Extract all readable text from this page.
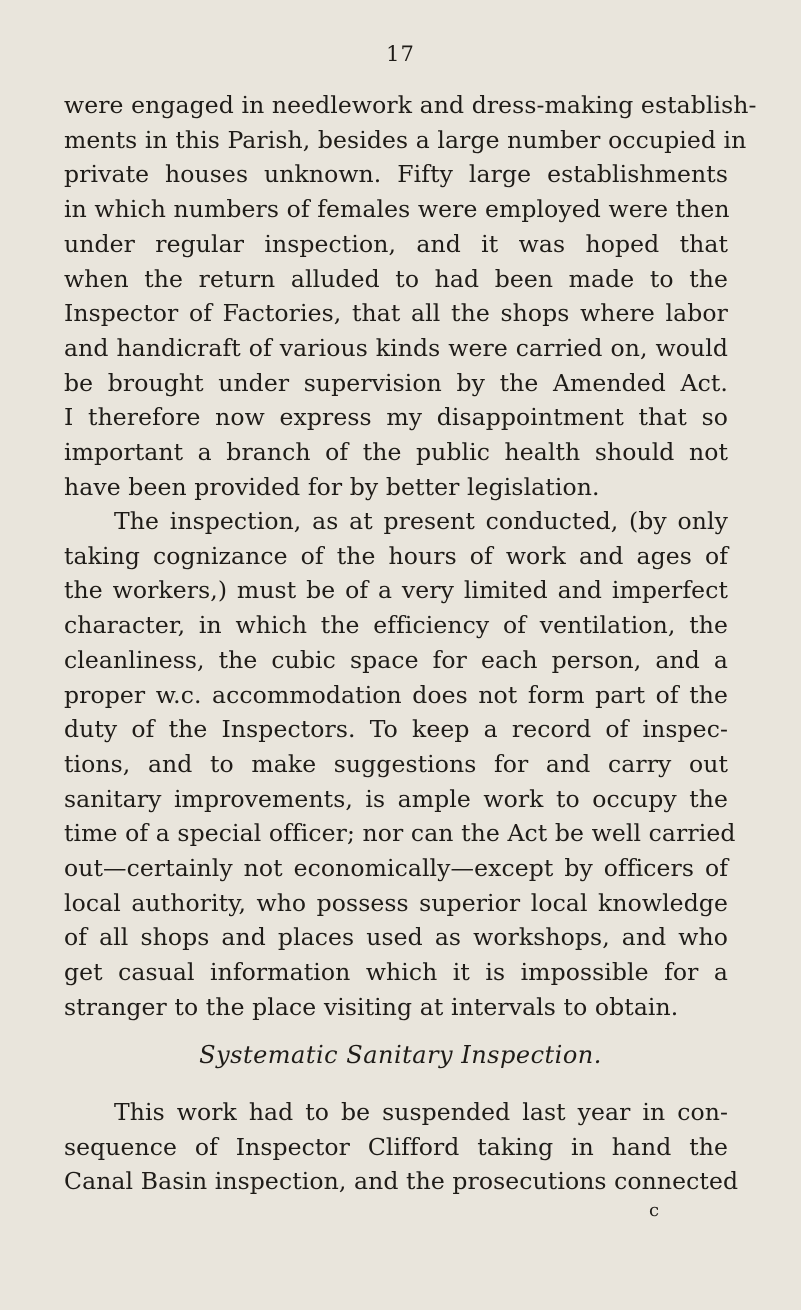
17

were engaged in needlework and dress-making establish-
ments in this Parish, besides a large number occupied in
private houses unknown. Fifty large establishments
in which numbers of females were employed were then
under regular inspection, and it was hoped that
when the return alluded to had been made to the
Inspector of Factories, that all the shops where labor
and handicraft of various kinds were carried on, would
be brought under supervision by the Amended Act.
I therefore now express my disappointment that so
important a branch of the public health should not
have been provided for by better legislation.

The inspection, as at present conducted, (by only
taking cognizance of the hours of work and ages of
the workers,) must be of a very limited and imperfect
character, in which the efficiency of ventilation, the
cleanliness, the cubic space for each person, and a
proper w.c. accommodation does not form part of the
duty of the Inspectors. To keep a record of inspec-
tions, and to make suggestions for and carry out
sanitary improvements, is ample work to occupy the
time of a special officer; nor can the Act be well carried
out—certainly not economically—except by officers of
local authority, who possess superior local knowledge
of all shops and places used as workshops, and who
get casual information which it is impossible for a
stranger to the place visiting at intervals to obtain.

Systematic Sanitary Inspection.

This work had to be suspended last year in con-
sequence of Inspector Clifford taking in hand the
Canal Basin inspection, and the prosecutions connected

c
